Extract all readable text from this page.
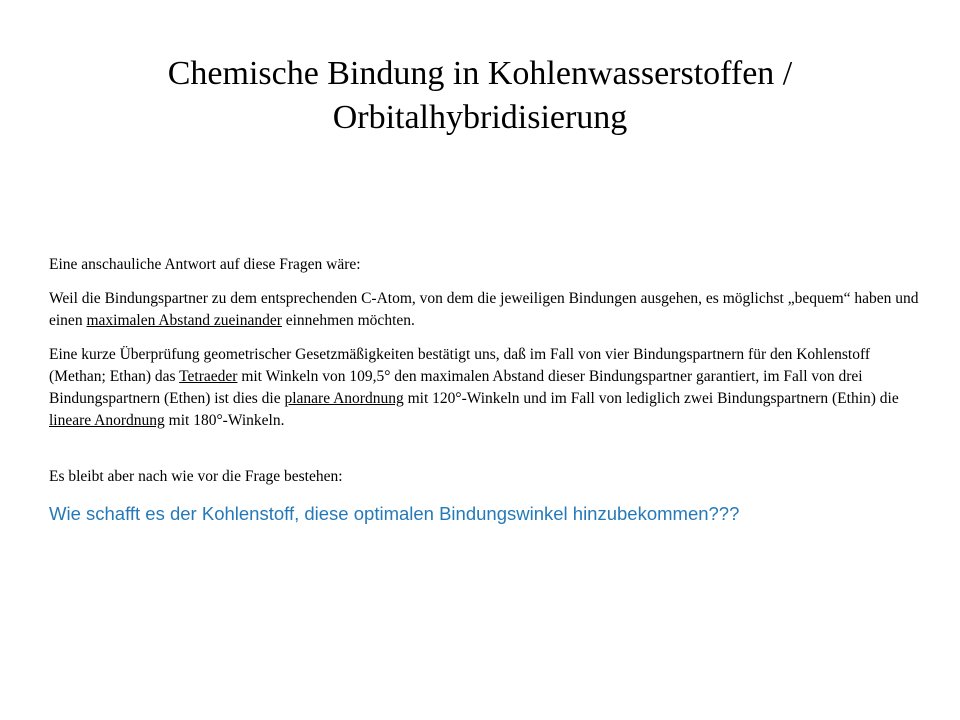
Chemische Bindung in Kohlenwasserstoffen /
Orbitalhybridisierung

Eine anschauliche Antwort auf diese Fragen wäre:

Weil die Bindungspartner zu dem entsprechenden C-Atom, von dem die jeweiligen Bindungen ausgehen, es möglichst „bequem“ haben und einen maximalen Abstand zueinander einnehmen möchten.

Eine kurze Überprüfung geometrischer Gesetzmäßigkeiten bestätigt uns, daß im Fall von vier Bindungspartnern für den Kohlenstoff (Methan; Ethan) das Tetraeder mit Winkeln von 109,5° den maximalen Abstand dieser Bindungspartner garantiert, im Fall von drei Bindungspartnern (Ethen) ist dies die planare Anordnung mit 120°-Winkeln und im Fall von lediglich zwei Bindungspartnern (Ethin) die lineare Anordnung mit 180°-Winkeln.

Es bleibt aber nach wie vor die Frage bestehen:

Wie schafft es der Kohlenstoff, diese optimalen Bindungswinkel hinzubekommen???
